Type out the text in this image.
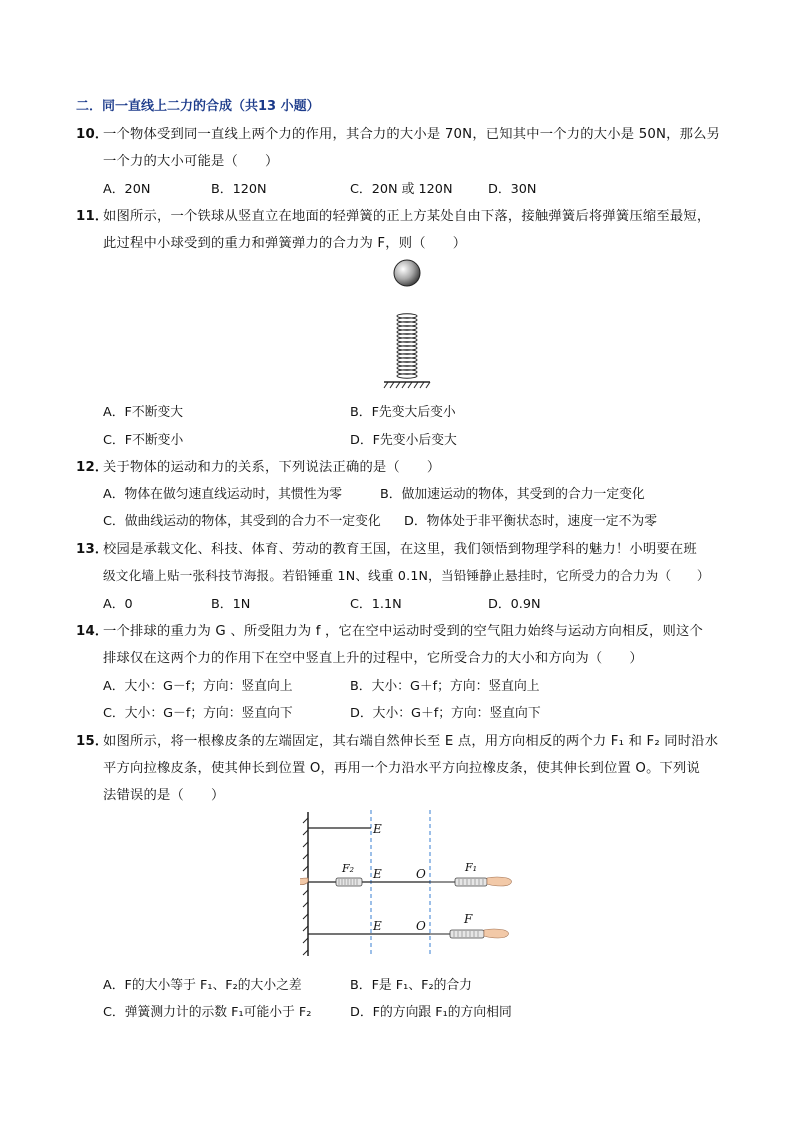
二．同一直线上二力的合成（共13 小题）
10．
一个物体受到同一直线上两个力的作用，其合力的大小是 70N，已知其中一个力的大小是 50N，那么另
一个力的大小可能是（　　）
A．20N	B．120N	C．20N 或 120N	D．30N
11．
如图所示，一个铁球从竖直立在地面的轻弹簧的正上方某处自由下落，接触弹簧后将弹簧压缩至最短，
此过程中小球受到的重力和弹簧弹力的合力为 F，则（　　）
A．F不断变大	B．F先变大后变小
C．F不断变小	D．F先变小后变大
12．
关于物体的运动和力的关系，下列说法正确的是（　　）
A．物体在做匀速直线运动时，其惯性为零	B．做加速运动的物体，其受到的合力一定变化
C．做曲线运动的物体，其受到的合力不一定变化 D．物体处于非平衡状态时，速度一定不为零
13．
校园是承载文化、科技、体育、劳动的教育王国，在这里，我们领悟到物理学科的魅力！小明要在班
级文化墙上贴一张科技节海报。若铅锤重 1N、线重 0.1N，当铅锤静止悬挂时，它所受力的合力为（　　）
A．0	B．1N	C．1.1N	D．0.9N
14．
一个排球的重力为 G 、所受阻力为 f ，它在空中运动时受到的空气阻力始终与运动方向相反，则这个
排球仅在这两个力的作用下在空中竖直上升的过程中，它所受合力的大小和方向为（　　）
A．大小：G－f；方向：竖直向上	B．大小：G＋f；方向：竖直向上
C．大小：G－f；方向：竖直向下	D．大小：G＋f；方向：竖直向下
15．
如图所示，将一根橡皮条的左端固定，其右端自然伸长至 E 点，用方向相反的两个力 F₁ 和 F₂ 同时沿水
平方向拉橡皮条，使其伸长到位置 O，再用一个力沿水平方向拉橡皮条，使其伸长到位置 O。下列说
法错误的是（　　）
E
F₂ E	O	F₁
E	O	F
A．F的大小等于 F₁、F₂的大小之差	B．F是 F₁、F₂的合力
C．弹簧测力计的示数 F₁可能小于 F₂	D．F的方向跟 F₁的方向相同
